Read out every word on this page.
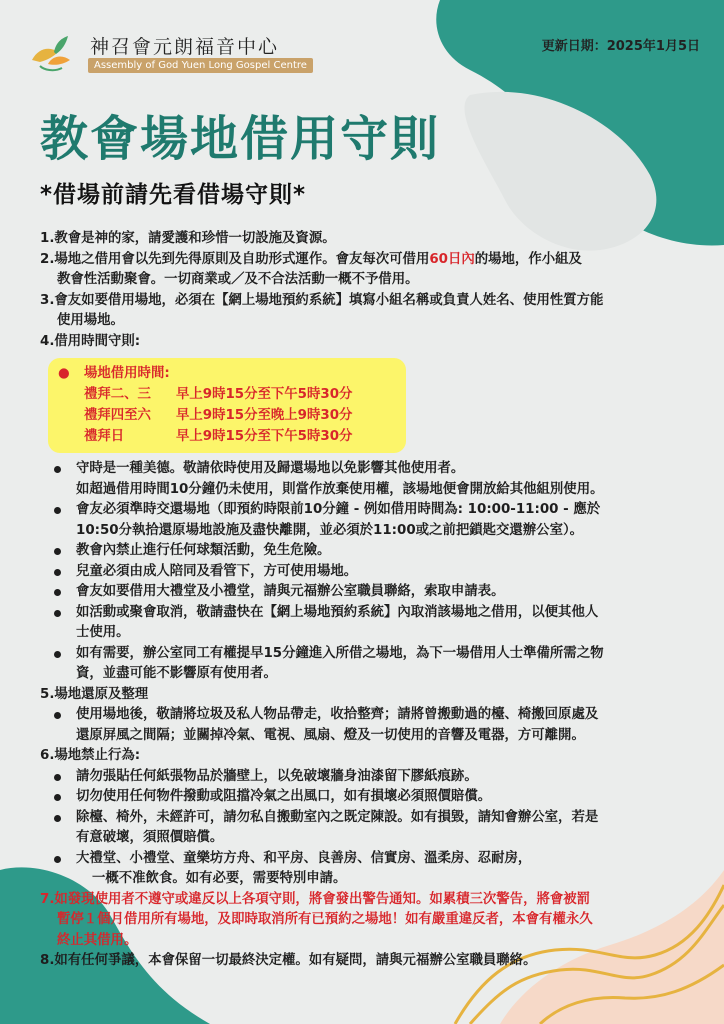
神召會元朗福音中心
Assembly of God Yuen Long Gospel Centre
更新日期：2025年1月5日
教會場地借用守則
*借場前請先看借場守則*
1.教會是神的家，請愛護和珍惜一切設施及資源。
2.場地之借用會以先到先得原則及自助形式運作。會友每次可借用60日內的場地，作小組及
教會性活動聚會。一切商業或／及不合法活動一概不予借用。
3.會友如要借用場地，必須在【網上場地預約系統】填寫小組名稱或負責人姓名、使用性質方能
使用場地。
4.借用時間守則:
●	場地借用時間:
禮拜二、三	早上9時15分至下午5時30分
禮拜四至六	早上9時15分至晚上9時30分
禮拜日	早上9時15分至下午5時30分
守時是一種美德。敬請依時使用及歸還場地以免影響其他使用者。
如超過借用時間10分鐘仍未使用，則當作放棄使用權，該場地便會開放給其他組別使用。
會友必須準時交還場地（即預約時限前10分鐘 - 例如借用時間為: 10:00-11:00 - 應於
10:50分執拾還原場地設施及盡快離開，並必須於11:00或之前把鎖匙交還辦公室）。
教會內禁止進行任何球類活動，免生危險。
兒童必須由成人陪同及看管下，方可使用場地。
會友如要借用大禮堂及小禮堂，請與元福辦公室職員聯絡，索取申請表。
如活動或聚會取消，敬請盡快在【網上場地預約系統】內取消該場地之借用，以便其他人
士使用。
如有需要，辦公室同工有權提早15分鐘進入所借之場地，為下一場借用人士準備所需之物
資，並盡可能不影響原有使用者。
5.場地還原及整理
使用場地後，敬請將垃圾及私人物品帶走，收拾整齊；請將曾搬動過的檯、椅搬回原處及
還原屏風之間隔；並關掉冷氣、電視、風扇、燈及一切使用的音響及電器，方可離開。
6.場地禁止行為:
請勿張貼任何紙張物品於牆壁上，以免破壞牆身油漆留下膠紙痕跡。
切勿使用任何物件撥動或阻擋冷氣之出風口，如有損壞必須照價賠償。
除檯、椅外，未經許可，請勿私自搬動室內之既定陳設。如有損毀，請知會辦公室，若是
有意破壞，須照價賠償。
大禮堂、小禮堂、童樂坊方舟、和平房、良善房、信實房、溫柔房、忍耐房，
一概不准飲食。如有必要，需要特別申請。
7.如發現使用者不遵守或違反以上各項守則，將會發出警告通知。如累積三次警告，將會被罰
暫停１個月借用所有場地，及即時取消所有已預約之場地！如有嚴重違反者，本會有權永久
終止其借用。
8.如有任何爭議，本會保留一切最終決定權。如有疑問，請與元福辦公室職員聯絡。
